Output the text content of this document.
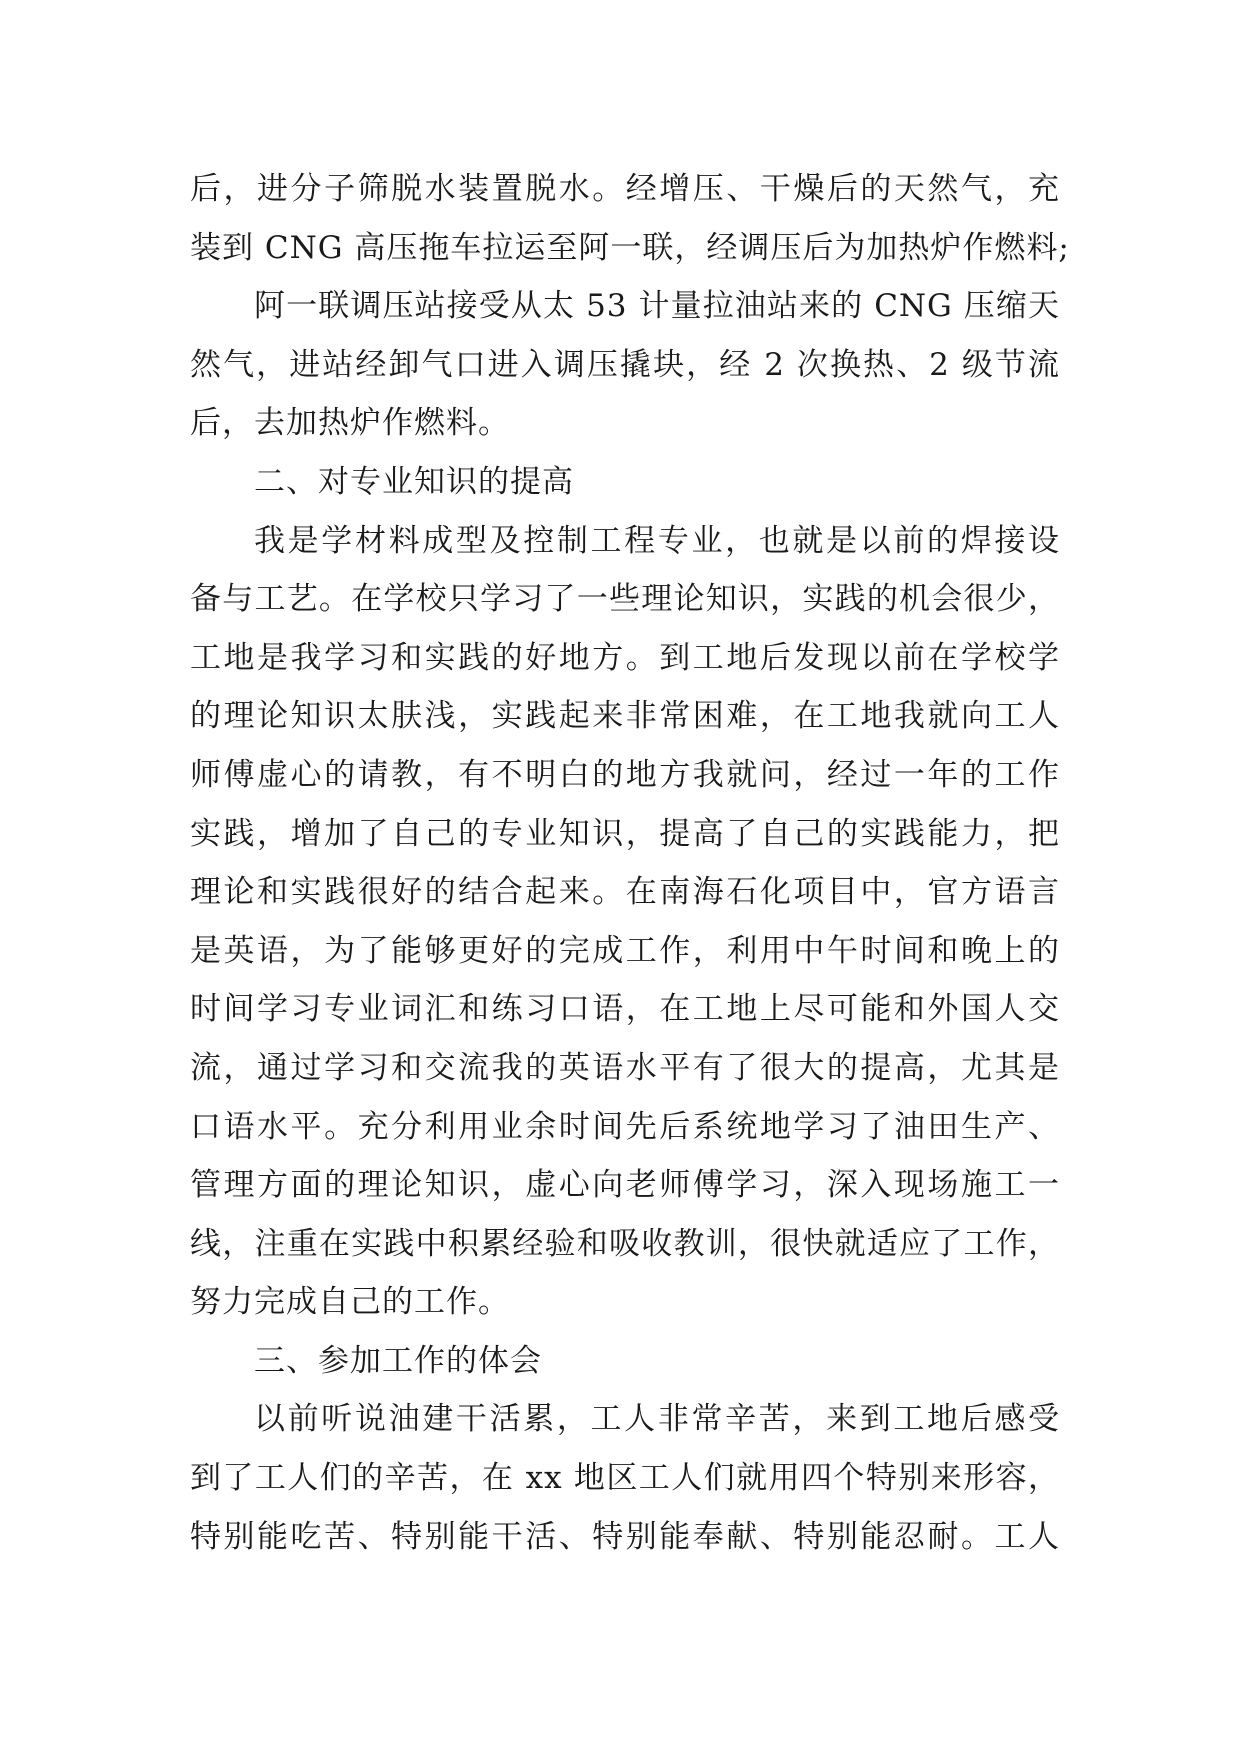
后，进分子筛脱水装置脱水。经增压、干燥后的天然气，充
装到 CNG 高压拖车拉运至阿一联，经调压后为加热炉作燃料;
阿一联调压站接受从太 53 计量拉油站来的 CNG 压缩天
然气，进站经卸气口进入调压撬块，经 2 次换热、2 级节流
后，去加热炉作燃料。
二、对专业知识的提高
我是学材料成型及控制工程专业，也就是以前的焊接设
备与工艺。在学校只学习了一些理论知识，实践的机会很少，
工地是我学习和实践的好地方。到工地后发现以前在学校学
的理论知识太肤浅，实践起来非常困难，在工地我就向工人
师傅虚心的请教，有不明白的地方我就问，经过一年的工作
实践，增加了自己的专业知识，提高了自己的实践能力，把
理论和实践很好的结合起来。在南海石化项目中，官方语言
是英语，为了能够更好的完成工作，利用中午时间和晚上的
时间学习专业词汇和练习口语，在工地上尽可能和外国人交
流，通过学习和交流我的英语水平有了很大的提高，尤其是
口语水平。充分利用业余时间先后系统地学习了油田生产、
管理方面的理论知识，虚心向老师傅学习，深入现场施工一
线，注重在实践中积累经验和吸收教训，很快就适应了工作，
努力完成自己的工作。
三、参加工作的体会
以前听说油建干活累，工人非常辛苦，来到工地后感受
到了工人们的辛苦，在 xx 地区工人们就用四个特别来形容，
特别能吃苦、特别能干活、特别能奉献、特别能忍耐。工人
